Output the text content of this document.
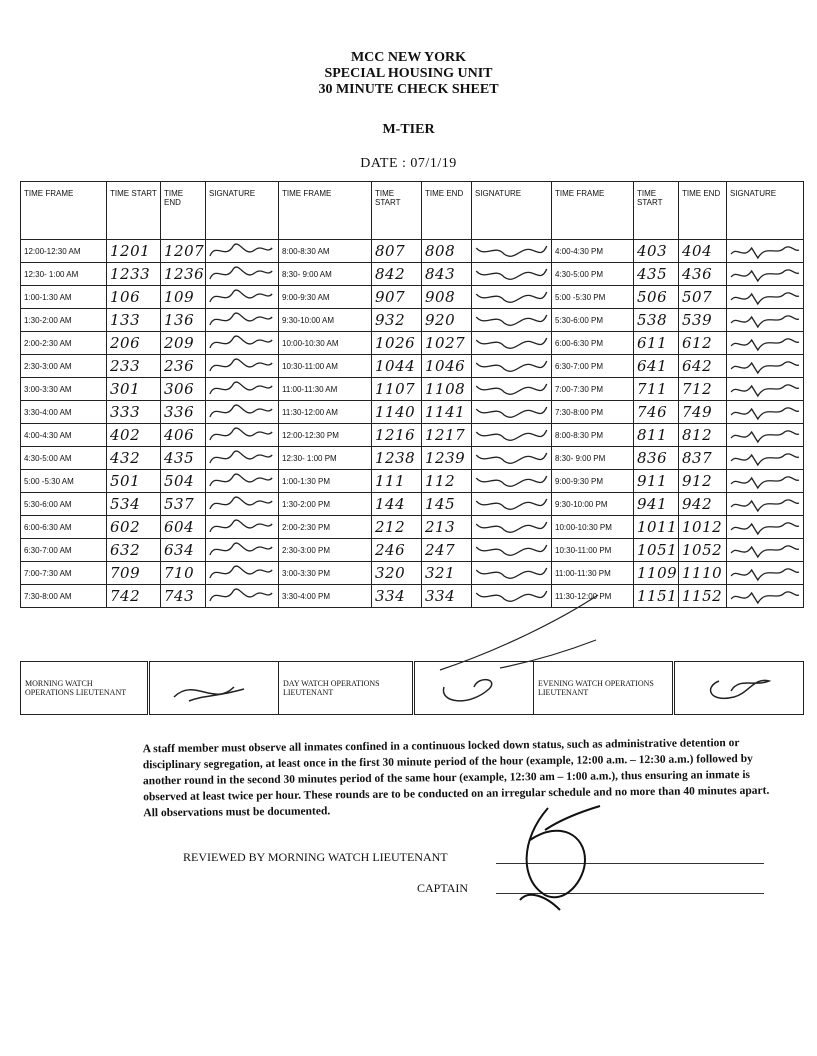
MCC NEW YORK
SPECIAL HOUSING UNIT
30 MINUTE CHECK SHEET
M-TIER
DATE : 07/1/19
TIME FRAME	TIME START	TIME END	SIGNATURE	TIME FRAME	TIME START	TIME END	SIGNATURE	TIME FRAME	TIME START	TIME END	SIGNATURE
12:00-12:30 AM	1201	1207		8:00-8:30 AM	807	808		4:00-4:30 PM	403	404	

12:30- 1:00 AM	1233	1236		8:30- 9:00 AM	842	843		4:30-5:00 PM	435	436	

1:00-1:30 AM	106	109		9:00-9:30 AM	907	908		5:00 -5:30 PM	506	507	

1:30-2:00 AM	133	136		9:30-10:00 AM	932	920		5:30-6:00 PM	538	539	

2:00-2:30 AM	206	209		10:00-10:30 AM	1026	1027		6:00-6:30 PM	611	612	

2:30-3:00 AM	233	236		10:30-11:00 AM	1044	1046		6:30-7:00 PM	641	642	

3:00-3:30 AM	301	306		11:00-11:30 AM	1107	1108		7:00-7:30 PM	711	712	

3:30-4:00 AM	333	336		11:30-12:00 AM	1140	1141		7:30-8:00 PM	746	749	

4:00-4:30 AM	402	406		12:00-12:30 PM	1216	1217		8:00-8:30 PM	811	812	

4:30-5:00 AM	432	435		12:30- 1:00 PM	1238	1239		8:30- 9:00 PM	836	837	

5:00 -5:30 AM	501	504		1:00-1:30 PM	111	112		9:00-9:30 PM	911	912	

5:30-6:00 AM	534	537		1:30-2:00 PM	144	145		9:30-10:00 PM	941	942	

6:00-6:30 AM	602	604		2:00-2:30 PM	212	213		10:00-10:30 PM	1011	1012	

6:30-7:00 AM	632	634		2:30-3:00 PM	246	247		10:30-11:00 PM	1051	1052	

7:00-7:30 AM	709	710		3:00-3:30 PM	320	321		11:00-11:30 PM	1109	1110	

7:30-8:00 AM	742	743		3:30-4:00 PM	334	334		11:30-12:00 PM	1151	1152	
MORNING WATCH OPERATIONS LIEUTENANT		DAY WATCH OPERATIONS LIEUTENANT		EVENING WATCH OPERATIONS LIEUTENANT	
A staff member must observe all inmates confined in a continuous locked down status, such as administrative detention or disciplinary segregation, at least once in the first 30 minute period of the hour (example, 12:00 a.m. – 12:30 a.m.) followed by another round in the second 30 minutes period of the same hour (example, 12:30 am – 1:00 a.m.), thus ensuring an inmate is observed at least twice per hour. These rounds are to be conducted on an irregular schedule and no more than 40 minutes apart. All observations must be documented.
REVIEWED BY MORNING WATCH LIEUTENANT
CAPTAIN
